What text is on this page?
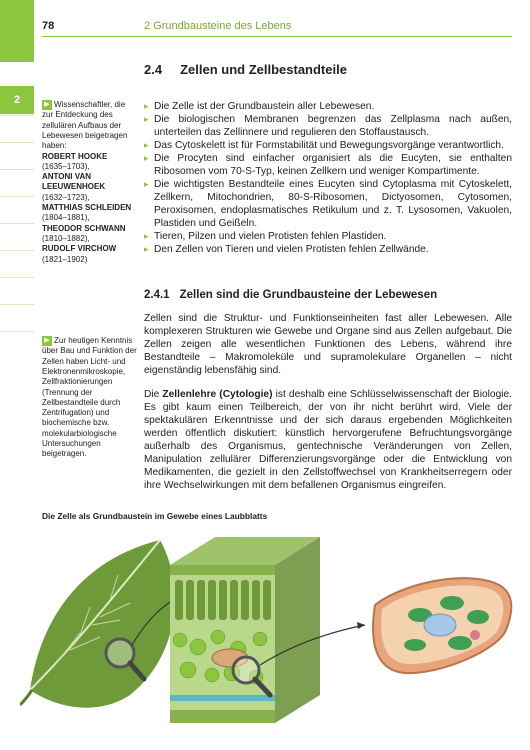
2
78	2 Grundbausteine des Lebens
▶ Wissenschaftler, die zur Entdeckung des zellulären Aufbaus der Lebewesen beigetragen haben:
ROBERT HOOKE
(1635–1703),
ANTONI VAN LEEUWENHOEK
(1632–1723),
MATTHIAS SCHLEIDEN
(1804–1881),
THEODOR SCHWANN
(1810–1882),
RUDOLF VIRCHOW
(1821–1902)
▶ Zur heutigen Kenntnis über Bau und Funktion der Zellen haben Licht- und Elektronenmikroskopie, Zellfraktionierungen (Trennung der Zellbestandteile durch Zentrifugation) und biochemische bzw. molekularbiologische Untersuchungen beigetragen.
2.4 Zellen und Zellbestandteile
▸ Die Zelle ist der Grundbaustein aller Lebewesen.
▸ Die biologischen Membranen begrenzen das Zellplasma nach außen, unterteilen das Zellinnere und regulieren den Stoffaustausch.
▸ Das Cytoskelett ist für Formstabilität und Bewegungsvorgänge verantwortlich.
▸ Die Procyten sind einfacher organisiert als die Eucyten, sie enthalten Ribosomen vom 70-S-Typ, keinen Zellkern und weniger Kompartimente.
▸ Die wichtigsten Bestandteile eines Eucyten sind Cytoplasma mit Cytoskelett, Zellkern, Mitochondrien, 80-S-Ribosomen, Dictyosomen, Cytosomen, Peroxisomen, endoplasmatisches Retikulum und z. T. Lysosomen, Vakuolen, Plastiden und Geißeln.
▸ Tieren, Pilzen und vielen Protisten fehlen Plastiden.
▸ Den Zellen von Tieren und vielen Protisten fehlen Zellwände.
2.4.1 Zellen sind die Grundbausteine der Lebewesen

Zellen sind die Struktur- und Funktionseinheiten fast aller Lebewesen. Alle komplexeren Strukturen wie Gewebe und Organe sind aus Zellen aufgebaut. Die Zellen zeigen alle wesentlichen Funktionen des Lebens, während ihre Bestandteile – Makromoleküle und supramolekulare Organellen – nicht eigenständig lebensfähig sind.

Die Zellenlehre (Cytologie) ist deshalb eine Schlüsselwissenschaft der Biologie. Es gibt kaum einen Teilbereich, der von ihr nicht berührt wird. Viele der spektakulären Erkenntnisse und der sich daraus ergebenden Möglichkeiten werden öffentlich diskutiert: künstlich hervorgerufene Befruchtungsvorgänge außerhalb des Organismus, gentechnische Veränderungen von Zellen, Manipulation zellulärer Differenzierungsvorgänge oder die Entwicklung von Medikamenten, die gezielt in den Zellstoffwechsel von Krankheitserregern oder ihre Wechselwirkungen mit dem befallenen Organismus eingreifen.

Die Zelle als Grundbaustein im Gewebe eines Laubblatts
